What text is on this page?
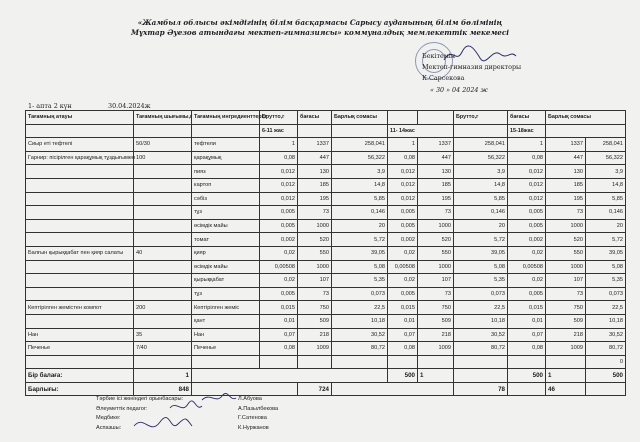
«Жамбыл облысы әкімдігінің білім басқармасы Сарысу ауданының білім бөлімінің
Мұхтар Әуезов атындағы мектеп-гимназиясы» коммуналдық мемлекеттік мекемесі
Бекітемін
Мектеп-гимназия директоры
К.Сарсекова
« 30 » 04 2024 ж
1- апта 2 күн	30.04.2024ж
Тағамның атауы	Тағамның шығымы,г	Тағамның ингредиенттері,г	Брутто,г	бағасы	Барлық сомасы			Брутто,г	бағасы	Барлық сомасы	
			6-11 жас			11- 14жас			15-18жас		
Сиыр еті тефтелі	50/30	тефтели	1	1337	258,041	1	1337	258,041	1	1337	258,041
Гарнир: пісірілген қарақұмық тұздығымен	100	қарақұмық	0,08	447	56,322	0,08	447	56,322	0,08	447	56,322
		пияз	0,012	130	3,9	0,012	130	3,9	0,012	130	3,9
		картоп	0,012	185	14,8	0,012	185	14,8	0,012	185	14,8
		сәбіз	0,012	195	5,85	0,012	195	5,85	0,012	195	5,85
		тұз	0,005	73	0,146	0,005	73	0,146	0,005	73	0,146
		өсімдік майы	0,005	1000	20	0,005	1000	20	0,005	1000	20
		томат	0,002	520	5,72	0,002	520	5,72	0,002	520	5,72
Балғын қырыққабат пен қияр салаты	40	қияр	0,02	550	39,05	0,02	550	39,05	0,02	550	39,05
		өсімдік майы	0,00508	1000	5,08	0,00508	1000	5,08	0,00508	1000	5,08
		қырыққабат	0,02	107	5,35	0,02	107	5,35	0,02	107	5,35
		тұз	0,005	73	0,073	0,005	73	0,073	0,005	73	0,073
Кептірілген жемістен компот	200	Кептірілген жеміс	0,015	750	22,5	0,015	750	22,5	0,015	750	22,5
		қант	0,01	509	10,18	0,01	509	10,18	0,01	509	10,18
Нан	35	Нан	0,07	218	30,52	0,07	218	30,52	0,07	218	30,52
Печенье	7/40	Печенье	0,08	1009	80,72	0,08	1009	80,72	0,08	1009	80,72
											0
Бір балаға:	1					500	1		500	1	500
Барлығы:	848			724				78		46	
Тәрбие ісі жөніндегі орынбасары:	Л.Абуова
Әлеуметтік педагог:	А.Пазылбекова
Медбике:	Г.Сатенова
Аспазшы:	К.Нуржанов
